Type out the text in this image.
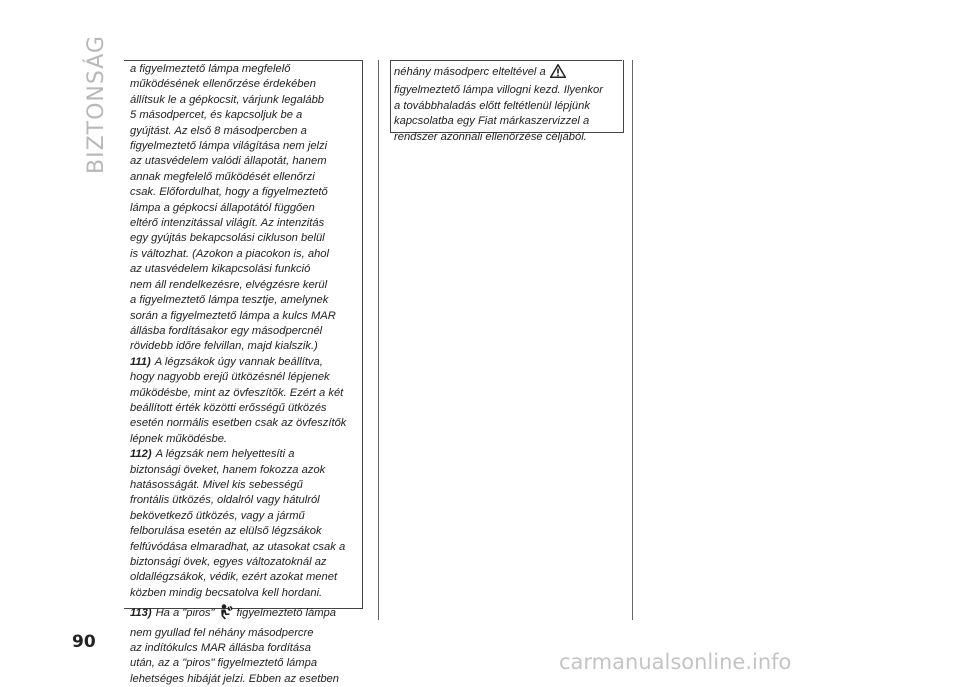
BIZTONSÁG a figyelmeztető lámpa megfelelő
működésének ellenőrzése érdekében
állítsuk le a gépkocsit, várjunk legalább
5 másodpercet, és kapcsoljuk be a
gyújtást. Az első 8 másodpercben a
figyelmeztető lámpa világítása nem jelzi
az utasvédelem valódi állapotát, hanem
annak megfelelő működését ellenőrzi
csak. Előfordulhat, hogy a figyelmeztető
lámpa a gépkocsi állapotától függően
eltérő intenzitással világít. Az intenzitás
egy gyújtás bekapcsolási cikluson belül
is változhat. (Azokon a piacokon is, ahol
az utasvédelem kikapcsolási funkció
nem áll rendelkezésre, elvégzésre kerül
a figyelmeztető lámpa tesztje, amelynek
során a figyelmeztető lámpa a kulcs MAR
állásba fordításakor egy másodpercnél
rövidebb időre felvillan, majd kialszik.)
111) A légzsákok úgy vannak beállítva,
hogy nagyobb erejű ütközésnél lépjenek
működésbe, mint az övfeszítők. Ezért a két
beállított érték közötti erősségű ütközés
esetén normális esetben csak az övfeszítők
lépnek működésbe.
112) A légzsák nem helyettesíti a
biztonsági öveket, hanem fokozza azok
hatásosságát. Mivel kis sebességű
frontális ütközés, oldalról vagy hátulról
bekövetkező ütközés, vagy a jármű
felborulása esetén az elülső légzsákok
felfúvódása elmaradhat, az utasokat csak a
biztonsági övek, egyes változatoknál az
oldallégzsákok, védik, ezért azokat menet
közben mindig becsatolva kell hordani.
113) Ha a "piros" figyelmeztető lámpa
nem gyullad fel néhány másodpercre
az indítókulcs MAR állásba fordítása
után, az a "piros" figyelmeztető lámpa
lehetséges hibáját jelzi. Ebben az esetben
néhány másodperc elteltével a
figyelmeztető lámpa villogni kezd. Ilyenkor
a továbbhaladás előtt feltétlenül lépjünk
kapcsolatba egy Fiat márkaszervizzel a
rendszer azonnali ellenőrzése céljából.
90
carmanualsonline.info
